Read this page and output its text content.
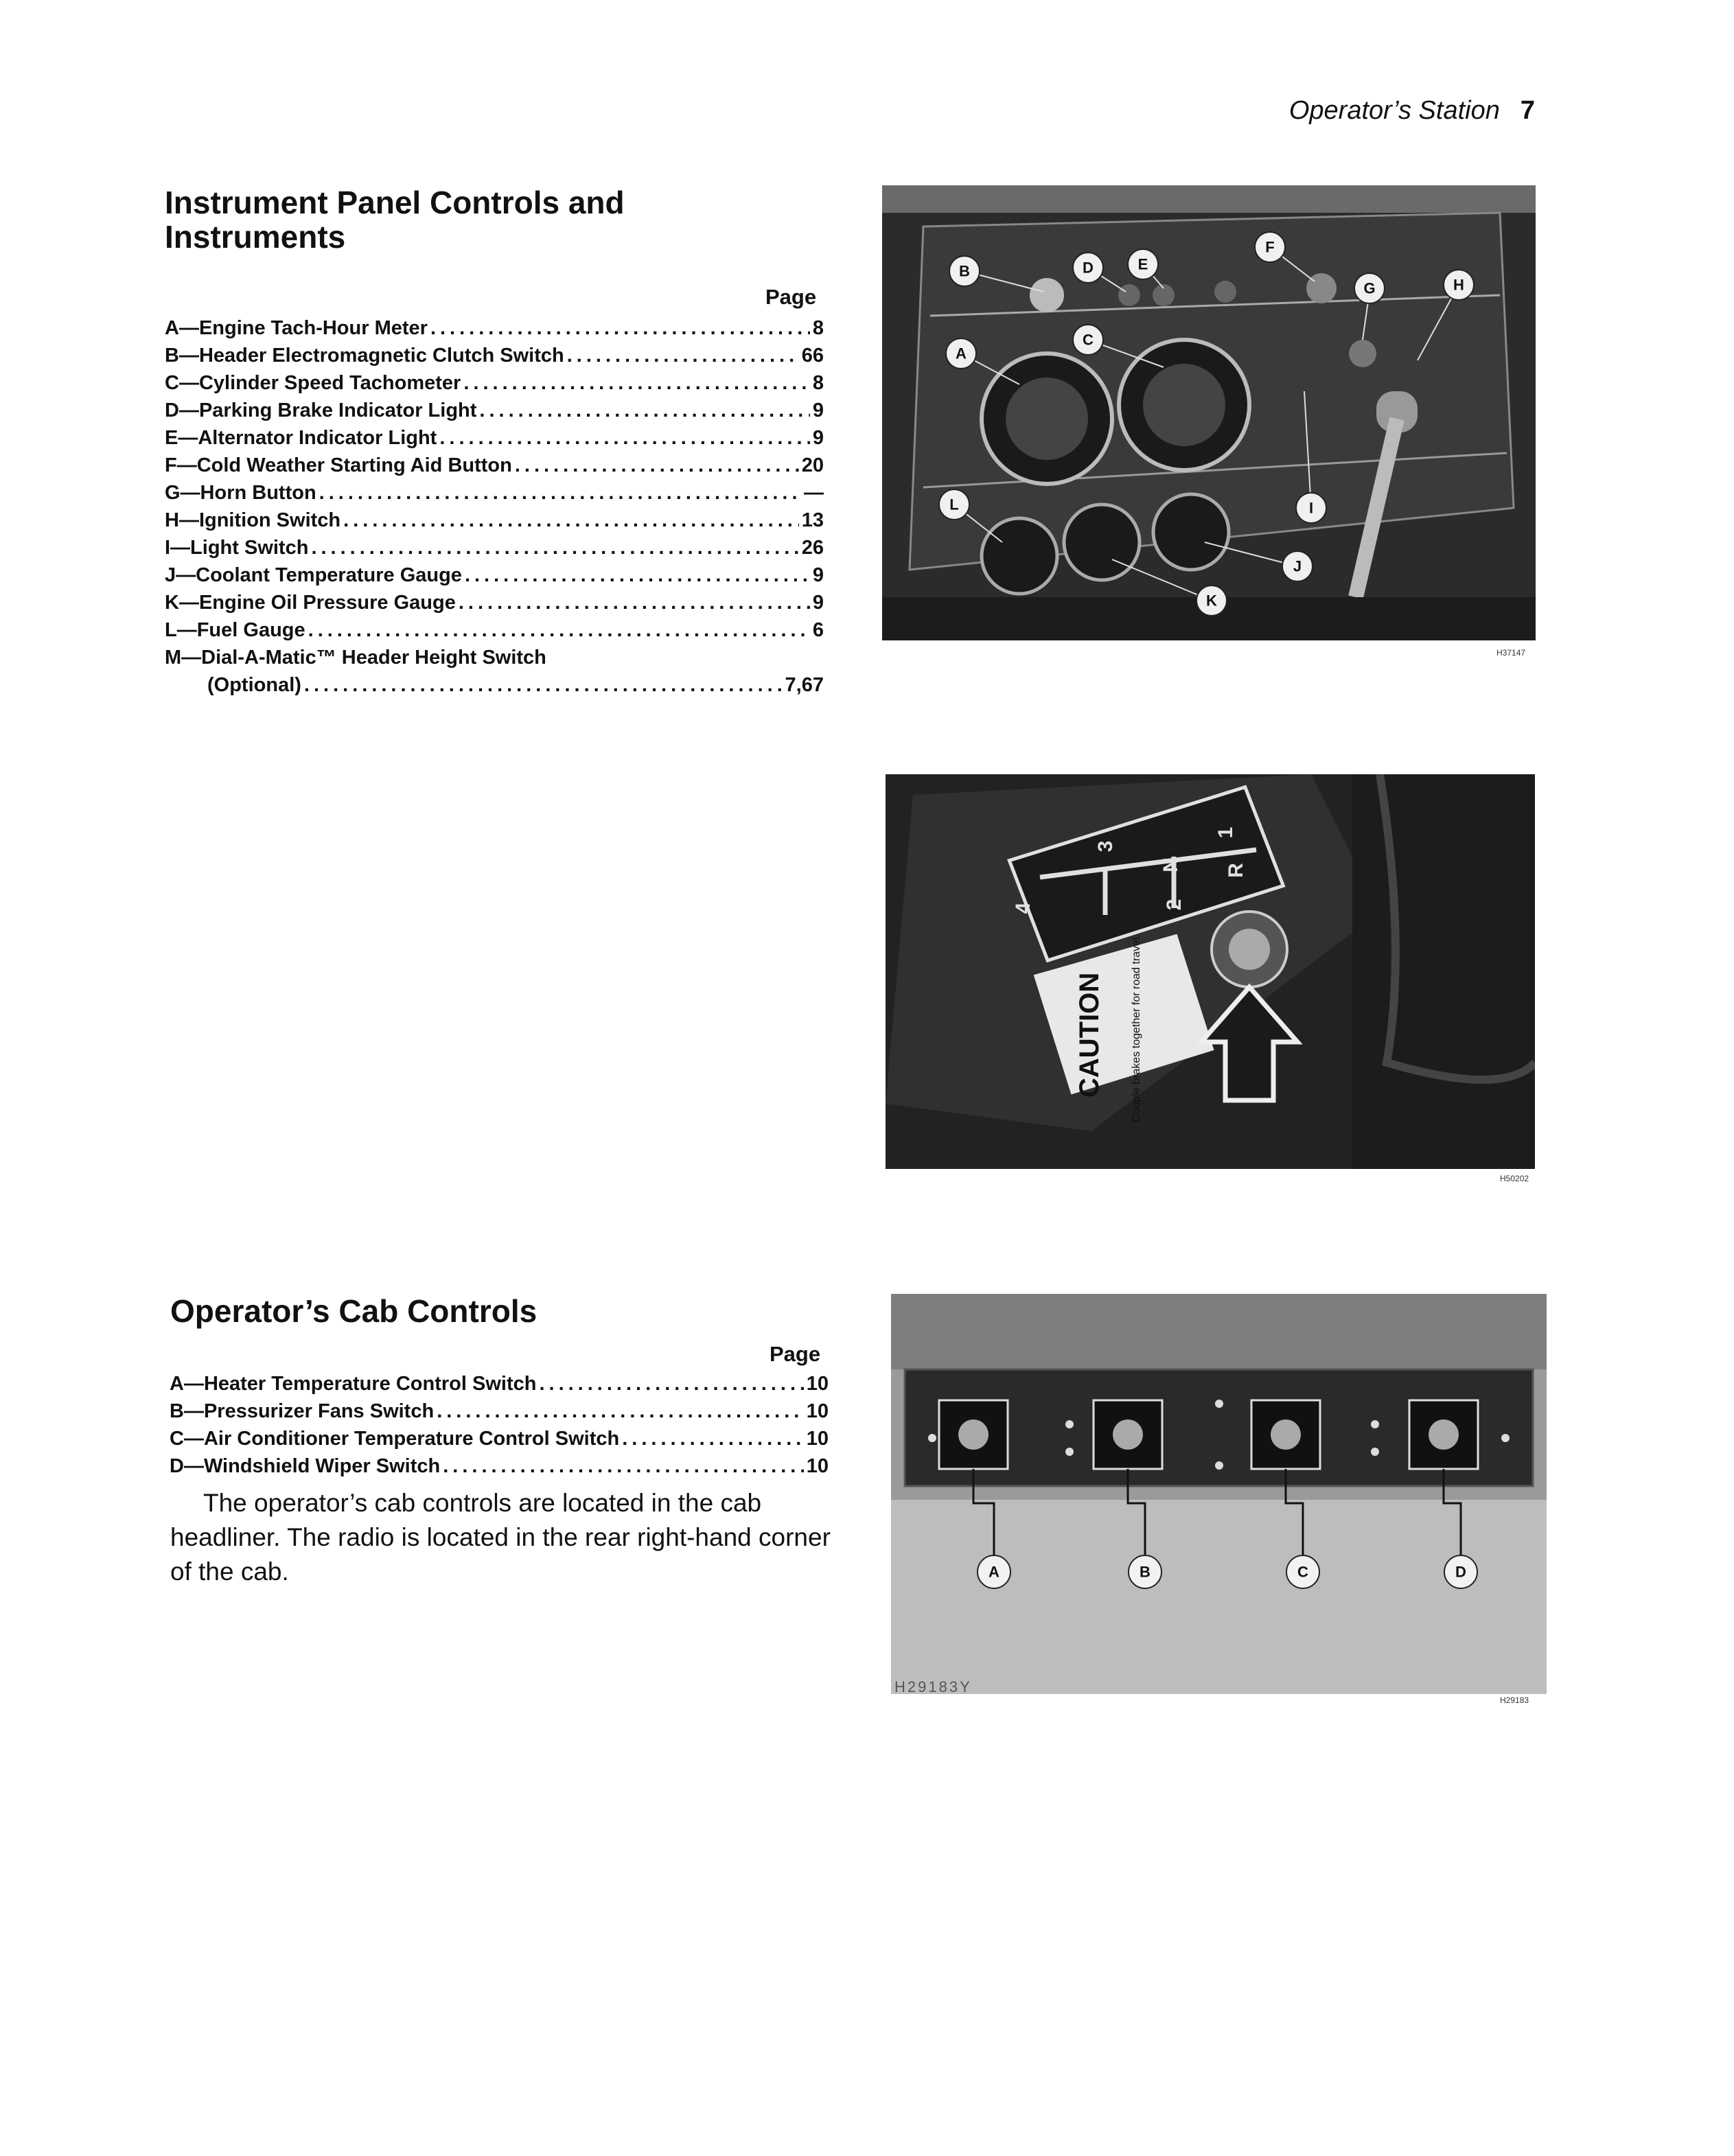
Operator’s Station 7
Instrument Panel Controls and Instruments
Page
A—Engine Tach-Hour Meter .....	8
B—Header Electromagnetic Clutch Switch .....	66
C—Cylinder Speed Tachometer .....	8
D—Parking Brake Indicator Light .....	9
E—Alternator Indicator Light .....	9
F—Cold Weather Starting Aid Button .....	20
G—Horn Button .....	—
H—Ignition Switch .....	13
I—Light Switch .....	26
J—Coolant Temperature Gauge .....	9
K—Engine Oil Pressure Gauge .....	9
L—Fuel Gauge .....	6
M—Dial-A-Matic™ Header Height Switch
(Optional) .....	7,67
A
B
C
D	E
F
G	H
I
J
K
L
H37147
3
1
4
N
2
R
CAUTION Couple brakes together for road travel.
H50202
Operator’s Cab Controls
Page
A—Heater Temperature Control Switch .....	10
B—Pressurizer Fans Switch .....	10
C—Air Conditioner Temperature Control Switch .....	10
D—Windshield Wiper Switch .....	10

The operator’s cab controls are located in the cab headliner. The radio is located in the rear right-hand corner of the cab.	A	B	C	D
H29183Y
H29183
